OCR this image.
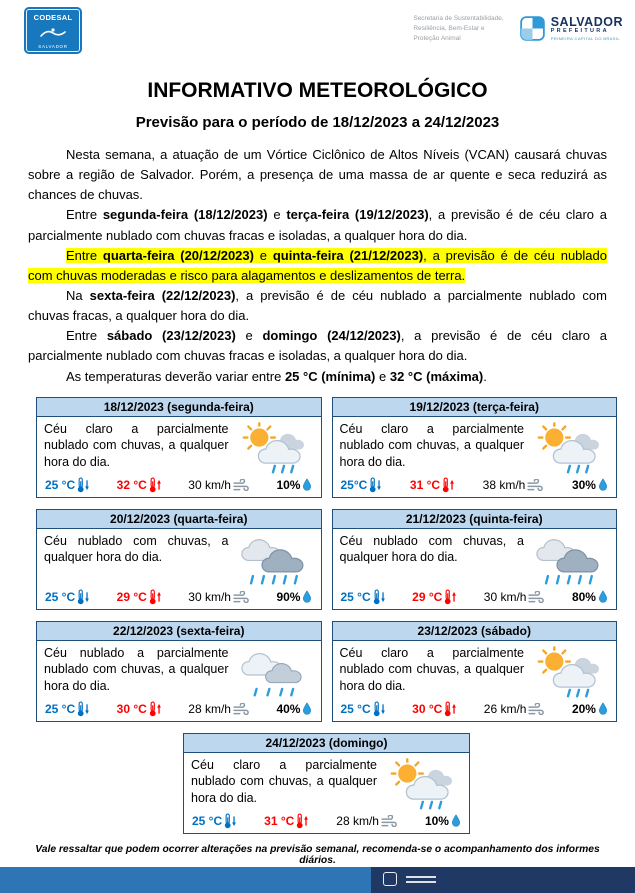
CODESAL
SALVADOR
Secretaria de Sustentabilidade,
Resiliência, Bem-Estar e
Proteção Animal
SALVADOR
PREFEITURA
PRIMEIRA CAPITAL DO BRASIL
INFORMATIVO METEOROLÓGICO
Previsão para o período de 18/12/2023 a 24/12/2023

Nesta semana, a atuação de um Vórtice Ciclônico de Altos Níveis (VCAN) causará chuvas sobre a região de Salvador. Porém, a presença de uma massa de ar quente e seca reduzirá as chances de chuvas.

Entre segunda-feira (18/12/2023) e terça-feira (19/12/2023), a previsão é de céu claro a parcialmente nublado com chuvas fracas e isoladas, a qualquer hora do dia.

Entre quarta-feira (20/12/2023) e quinta-feira (21/12/2023), a previsão é de céu nublado com chuvas moderadas e risco para alagamentos e deslizamentos de terra.

Na sexta-feira (22/12/2023), a previsão é de céu nublado a parcialmente nublado com chuvas fracas, a qualquer hora do dia.

Entre sábado (23/12/2023) e domingo (24/12/2023), a previsão é de céu claro a parcialmente nublado com chuvas fracas e isoladas, a qualquer hora do dia.

As temperaturas deverão variar entre 25 °C (mínima) e 32 °C (máxima).

18/12/2023 (segunda-feira)
Céu claro a parcialmente nublado com chuvas, a qualquer hora do dia.
25 °C	32 °C	30 km/h	10%
19/12/2023 (terça-feira)
Céu claro a parcialmente nublado com chuvas, a qualquer hora do dia.
25°C	31 °C	38 km/h	30%
20/12/2023 (quarta-feira)
Céu nublado com chuvas, a qualquer hora do dia.
25 °C	29 °C	30 km/h	90%
21/12/2023 (quinta-feira)
Céu nublado com chuvas, a qualquer hora do dia.
25 °C	29 °C	30 km/h	80%
22/12/2023 (sexta-feira)
Céu nublado a parcialmente nublado com chuvas, a qualquer hora do dia.
25 °C	30 °C	28 km/h	40%
23/12/2023 (sábado)
Céu claro a parcialmente nublado com chuvas, a qualquer hora do dia.
25 °C	30 °C	26 km/h	20%
24/12/2023 (domingo)
Céu claro a parcialmente nublado com chuvas, a qualquer hora do dia.
25 °C	31 °C	28 km/h	10%
Vale ressaltar que podem ocorrer alterações na previsão semanal, recomenda-se o acompanhamento dos informes diários.
